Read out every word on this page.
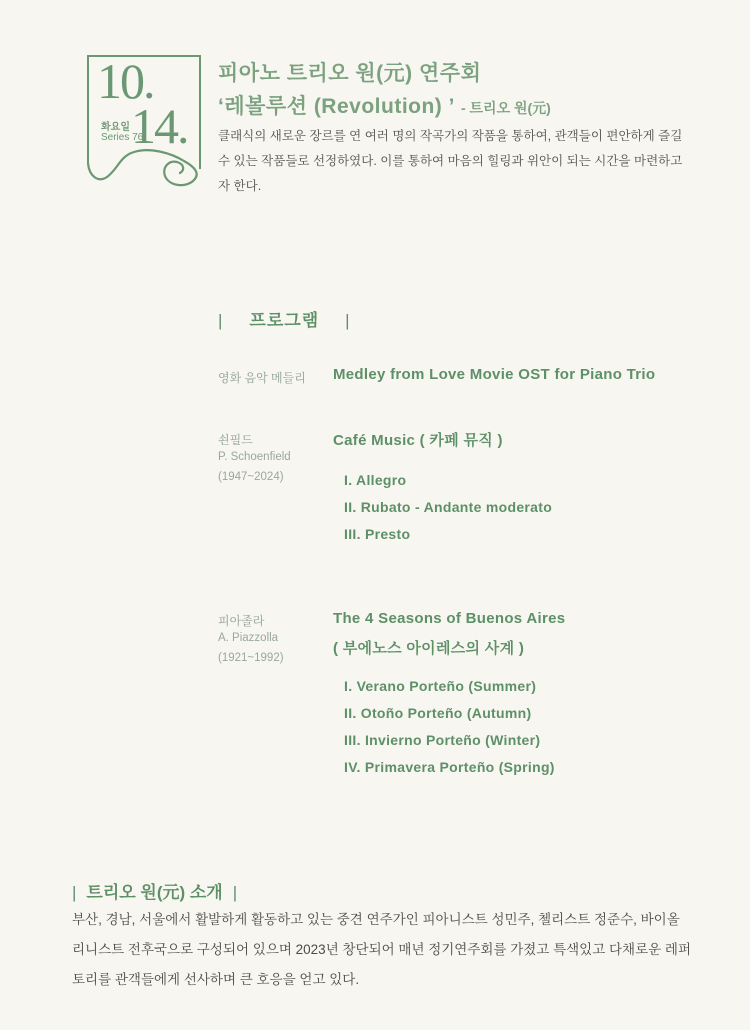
10.
14.
화요일
Series 76
피아노 트리오 원(元) 연주회
‘레볼루션 (Revolution) ’ - 트리오 원(元)
클래식의 새로운 장르를 연 여러 명의 작곡가의 작품을 통하여, 관객들이 편안하게 즐길 수 있는 작품들로 선정하였다. 이를 통하여 마음의 힐링과 위안이 되는 시간을 마련하고자 한다.
| 프로그램 |
영화 음악 메들리 Medley from Love Movie OST for Piano Trio
쇤필드
P. Schoenfield
(1947~2024)
Café Music ( 카페 뮤직 )
I. Allegro
II. Rubato - Andante moderato
III. Presto
피아졸라
A. Piazzolla
(1921~1992)
The 4 Seasons of Buenos Aires
( 부에노스 아이레스의 사계 )
I. Verano Porteño (Summer)
II. Otoño Porteño (Autumn)
III. Invierno Porteño (Winter)
IV. Primavera Porteño (Spring)
| 트리오 원(元) 소개 |
부산, 경남, 서울에서 활발하게 활동하고 있는 중견 연주가인 피아니스트 성민주, 첼리스트 정준수, 바이올리니스트 전후국으로 구성되어 있으며 2023년 창단되어 매년 정기연주회를 가졌고 특색있고 다채로운 레퍼토리를 관객들에게 선사하며 큰 호응을 얻고 있다.
